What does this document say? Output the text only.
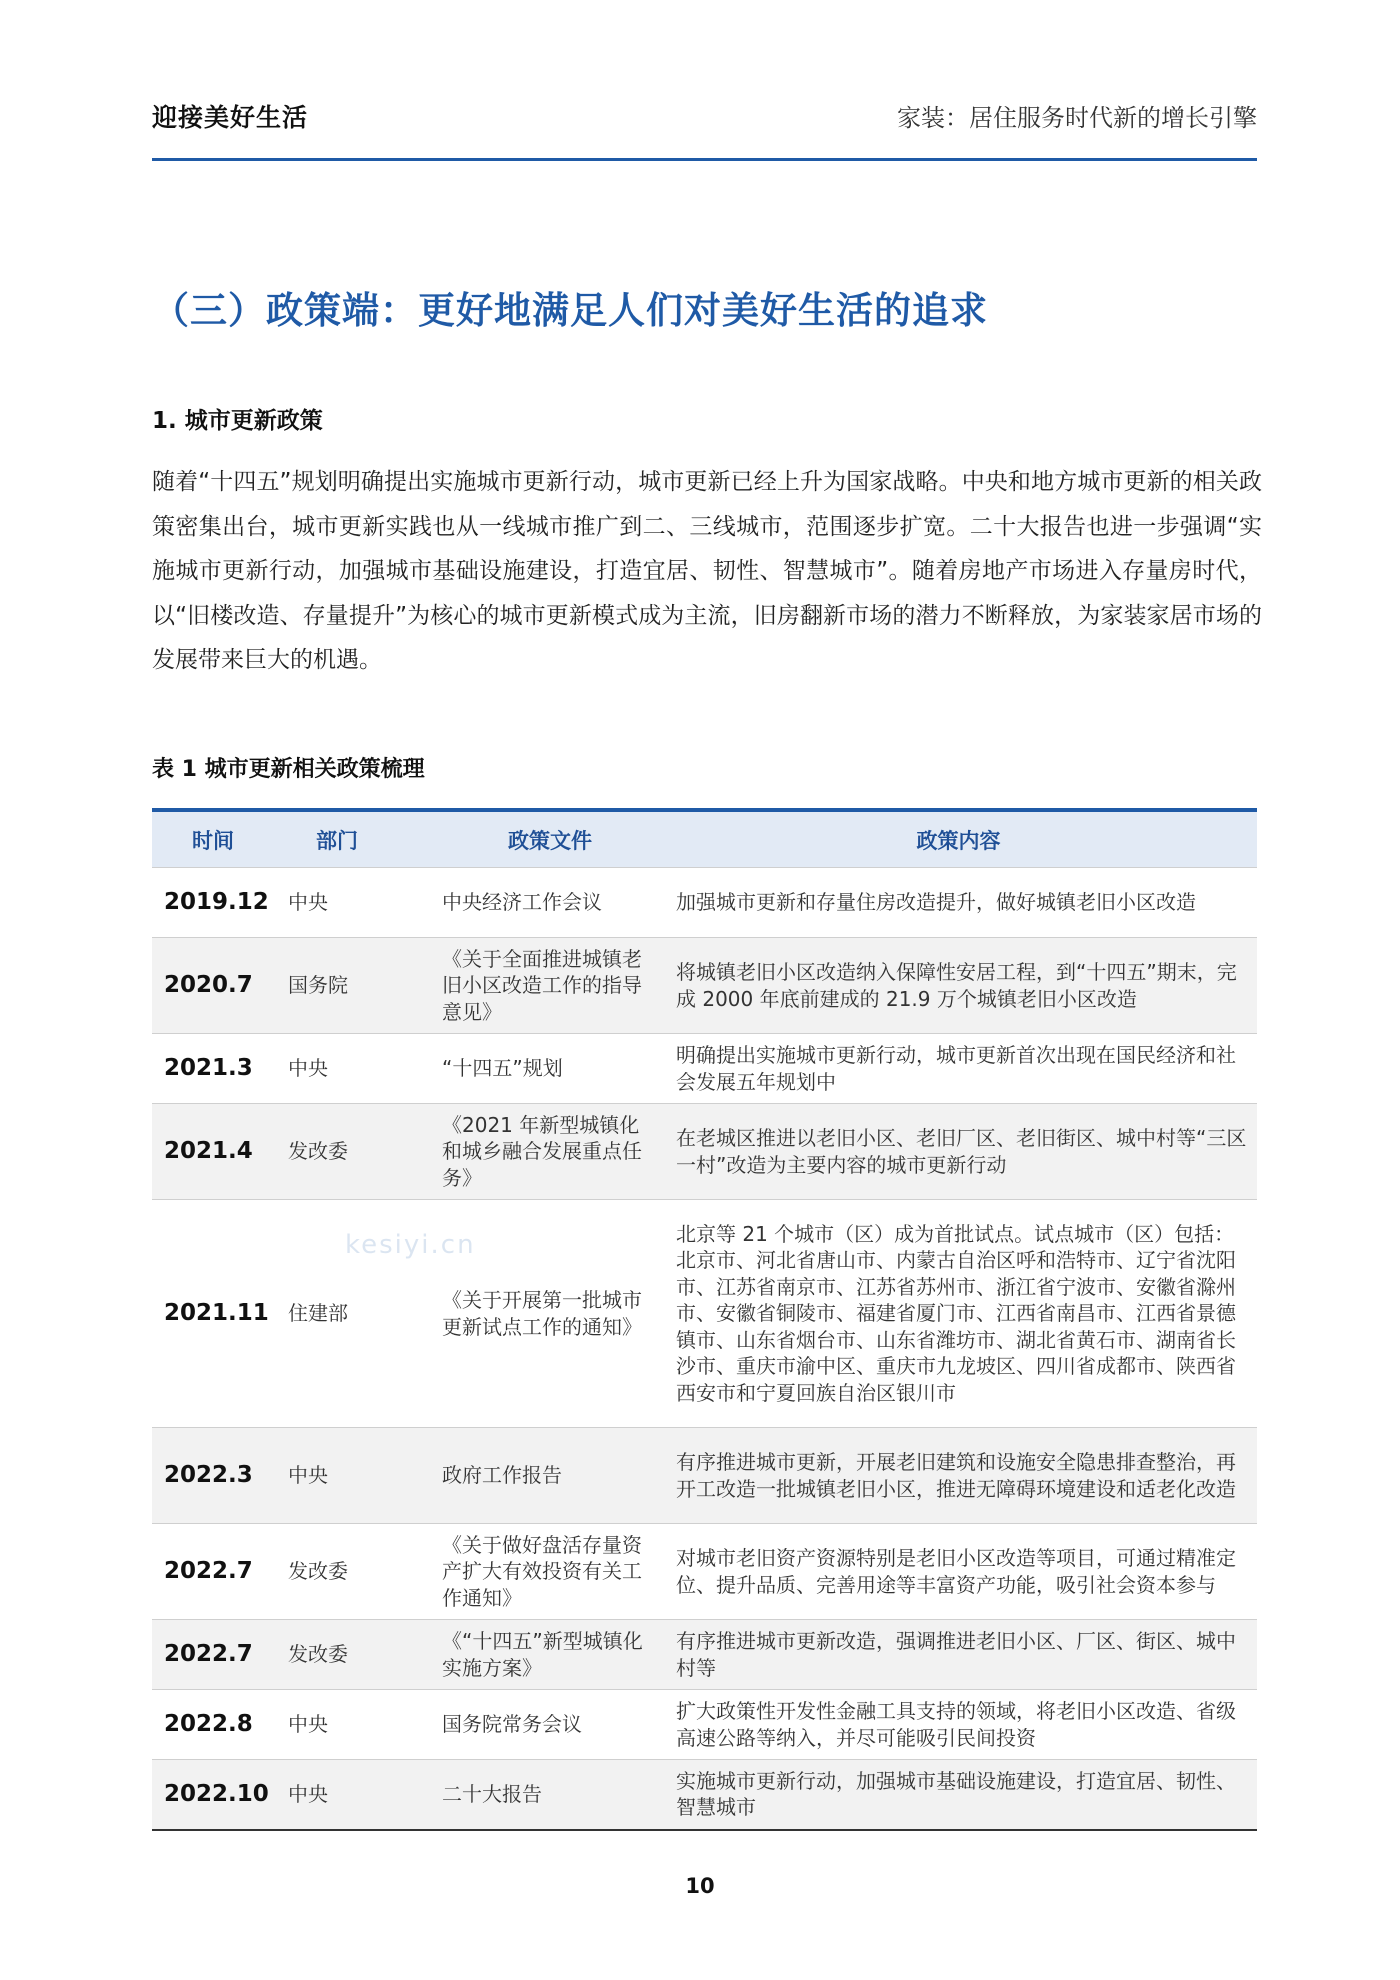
迎接美好生活	家装：居住服务时代新的增长引擎
kesiyi.cn
（三）政策端：更好地满足人们对美好生活的追求
1. 城市更新政策
随着“十四五”规划明确提出实施城市更新行动，城市更新已经上升为国家战略。中央和地方城市更新的相关政策密集出台，城市更新实践也从一线城市推广到二、三线城市，范围逐步扩宽。二十大报告也进一步强调“实施城市更新行动，加强城市基础设施建设，打造宜居、韧性、智慧城市”。随着房地产市场进入存量房时代，以“旧楼改造、存量提升”为核心的城市更新模式成为主流，旧房翻新市场的潜力不断释放，为家装家居市场的发展带来巨大的机遇。
表 1 城市更新相关政策梳理
时间	部门	政策文件	政策内容
2019.12	中央	中央经济工作会议	加强城市更新和存量住房改造提升，做好城镇老旧小区改造
2020.7	国务院	《关于全面推进城镇老旧小区改造工作的指导意见》	将城镇老旧小区改造纳入保障性安居工程，到“十四五”期末，完成 2000 年底前建成的 21.9 万个城镇老旧小区改造
2021.3	中央	“十四五”规划	明确提出实施城市更新行动，城市更新首次出现在国民经济和社会发展五年规划中
2021.4	发改委	《2021 年新型城镇化和城乡融合发展重点任务》	在老城区推进以老旧小区、老旧厂区、老旧街区、城中村等“三区一村”改造为主要内容的城市更新行动
2021.11	住建部	《关于开展第一批城市更新试点工作的通知》	北京等 21 个城市（区）成为首批试点。试点城市（区）包括：北京市、河北省唐山市、内蒙古自治区呼和浩特市、辽宁省沈阳市、江苏省南京市、江苏省苏州市、浙江省宁波市、安徽省滁州市、安徽省铜陵市、福建省厦门市、江西省南昌市、江西省景德镇市、山东省烟台市、山东省潍坊市、湖北省黄石市、湖南省长沙市、重庆市渝中区、重庆市九龙坡区、四川省成都市、陕西省西安市和宁夏回族自治区银川市
2022.3	中央	政府工作报告	有序推进城市更新，开展老旧建筑和设施安全隐患排查整治，再开工改造一批城镇老旧小区，推进无障碍环境建设和适老化改造
2022.7	发改委	《关于做好盘活存量资产扩大有效投资有关工作通知》	对城市老旧资产资源特别是老旧小区改造等项目，可通过精准定位、提升品质、完善用途等丰富资产功能，吸引社会资本参与
2022.7	发改委	《“十四五”新型城镇化实施方案》	有序推进城市更新改造，强调推进老旧小区、厂区、街区、城中村等
2022.8	中央	国务院常务会议	扩大政策性开发性金融工具支持的领域，将老旧小区改造、省级高速公路等纳入，并尽可能吸引民间投资
2022.10	中央	二十大报告	实施城市更新行动，加强城市基础设施建设，打造宜居、韧性、智慧城市
10
